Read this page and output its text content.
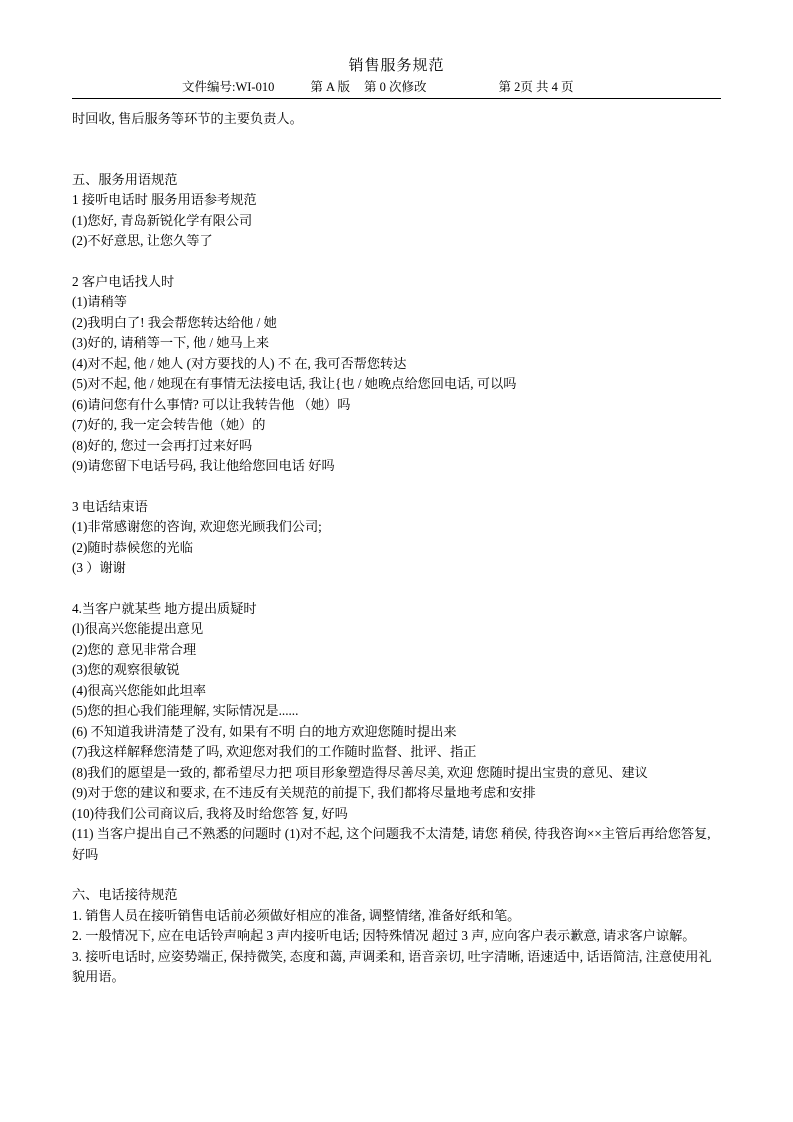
销售服务规范
文件编号:WI-010	第 A 版 第 0 次修改	第 2页 共 4 页

时回收, 售后服务等环节的主要负责人。

五、服务用语规范

1 接听电话时 服务用语参考规范

(1)您好, 青岛新锐化学有限公司

(2)不好意思, 让您久等了

2 客户电话找人时

(1)请稍等

(2)我明白了! 我会帮您转达给他 / 她

(3)好的, 请稍等一下, 他 / 她马上来

(4)对不起, 他 / 她人 (对方要找的人) 不 在, 我可否帮您转达

(5)对不起, 他 / 她现在有事情无法接电话, 我让{也 / 她晚点给您回电话, 可以吗

(6)请问您有什么事情? 可以让我转告他 （她）吗

(7)好的, 我一定会转告他（她）的

(8)好的, 您过一会再打过来好吗

(9)请您留下电话号码, 我让他给您回电话 好吗

3 电话结束语

(1)非常感谢您的咨询, 欢迎您光顾我们公司;

(2)随时恭候您的光临

(3 ）谢谢

4.当客户就某些 地方提出质疑时

(l)很高兴您能提出意见

(2)您的 意见非常合理

(3)您的观察很敏锐

(4)很高兴您能如此坦率

(5)您的担心我们能理解, 实际情况是......

(6) 不知道我讲清楚了没有, 如果有不明 白的地方欢迎您随时提出来

(7)我这样解释您清楚了吗, 欢迎您对我们的工作随时监督、批评、指正

(8)我们的愿望是一致的, 都希望尽力把 项目形象塑造得尽善尽美, 欢迎 您随时提出宝贵的意见、建议

(9)对于您的建议和要求, 在不违反有关规范的前提下, 我们都将尽量地考虑和安排

(10)待我们公司商议后, 我将及时给您答 复, 好吗

(11) 当客户提出自己不熟悉的问题时 (1)对不起, 这个问题我不太清楚, 请您 稍侯, 待我咨询××主管后再给您答复, 好吗

六、电话接待规范

1. 销售人员在接听销售电话前必须做好相应的准备, 调整情绪, 准备好纸和笔。

2. 一般情况下, 应在电话铃声响起 3 声内接听电话; 因特殊情况 超过 3 声, 应向客户表示歉意, 请求客户谅解。

3. 接听电话时, 应姿势端正, 保持微笑, 态度和蔼, 声调柔和, 语音亲切, 吐字清晰, 语速适中, 话语简洁, 注意使用礼貌用语。
